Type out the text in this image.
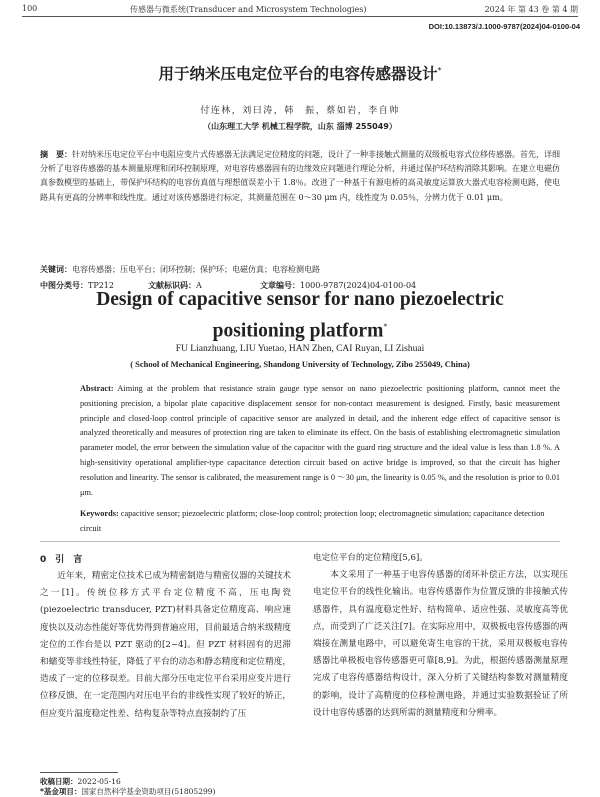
100	传感器与微系统(Transducer and Microsystem Technologies)	2024 年 第 43 卷 第 4 期
DOI:10.13873/J.1000-9787(2024)04-0100-04
用于纳米压电定位平台的电容传感器设计*
付连林，刘曰涛，韩　振，蔡如岩，李自帅
（山东理工大学 机械工程学院，山东 淄博 255049）
摘　要：针对纳米压电定位平台中电阻应变片式传感器无法满足定位精度的问题，设计了一种非接触式测量的双级板电容式位移传感器。首先，详细分析了电容传感器的基本测量原理和闭环控制原理，对电容传感器固有的边缘效应问题进行理论分析，并通过保护环结构消除其影响。在建立电磁仿真参数模型的基础上，带保护环结构的电容仿真值与理想值误差小于 1.8％。改进了一种基于有源电桥的高灵敏度运算放大器式电容检测电路，使电路具有更高的分辨率和线性度。通过对该传感器进行标定，其测量范围在 0～30 μm 内，线性度为 0.05％，分辨力优于 0.01 μm。
关键词：电容传感器；压电平台；闭环控制；保护环；电磁仿真；电容检测电路
中图分类号：TP212	文献标识码：A	文章编号：1000-9787(2024)04-0100-04
Design of capacitive sensor for nano piezoelectric
positioning platform*
FU Lianzhuang, LIU Yuetao, HAN Zhen, CAI Ruyan, LI Zishuai
( School of Mechanical Engineering, Shandong University of Technology, Zibo 255049, China)
Abstract: Aiming at the problem that resistance strain gauge type sensor on nano piezoelectric positioning platform, cannot meet the positioning precision, a bipolar plate capacitive displacement sensor for non-contact measurement is designed. Firstly, basic measurement principle and closed-loop control principle of capacitive sensor are analyzed in detail, and the inherent edge effect of capacitive sensor is analyzed theoretically and measures of protection ring are taken to eliminate its effect. On the basis of establishing electromagnetic simulation parameter model, the error between the simulation value of the capacitor with the guard ring structure and the ideal value is less than 1.8 %. A high-sensitivity operational amplifier-type capacitance detection circuit based on active bridge is improved, so that the circuit has higher resolution and linearity. The sensor is calibrated, the measurement range is 0 ～30 μm, the linearity is 0.05 %, and the resolution is prior to 0.01 μm.
Keywords: capacitive sensor; piezoelectric platform; close-loop control; protection loop; electromagnetic simulation; capacitance detection circuit
0　引　言
近年来，精密定位技术已成为精密制造与精密仪器的关键技术之一[1]。传统位移方式平台定位精度不高，压电陶瓷(piezoelectric transducer, PZT)材料具备定位精度高、响应速度快以及动态性能好等优势得到普遍应用，目前最适合纳米级精度定位的工作台是以 PZT 驱动的[2~4]。但 PZT 材料固有的迟滞和蠕变等非线性特征，降低了平台的动态和静态精度和定位精度，造成了一定的位移误差。目前大部分压电定位平台采用应变片进行位移反馈，在一定范围内对压电平台的非线性实现了较好的矫正，但应变片温度稳定性差、结构复杂等特点直接制约了压

电定位平台的定位精度[5,6]。

本文采用了一种基于电容传感器的闭环补偿正方法，以实现压电定位平台的线性化输出。电容传感器作为位置反馈的非接触式传感器件，具有温度稳定性好、结构简单、适应性强、灵敏度高等优点，而受到了广泛关注[7]。在实际应用中，双极板电容传感器的两端接在测量电路中，可以避免寄生电容的干扰，采用双极板电容传感器比单极板电容传感器更可靠[8,9]。为此，根据传感器测量原理完成了电容传感器结构设计，深入分析了关键结构参数对测量精度的影响，设计了高精度的位移检测电路，并通过实验数据验证了所设计电容传感器的达到所需的测量精度和分辨率。

收稿日期：2022-05-16
*基金项目：国家自然科学基金资助项目(51805299)
